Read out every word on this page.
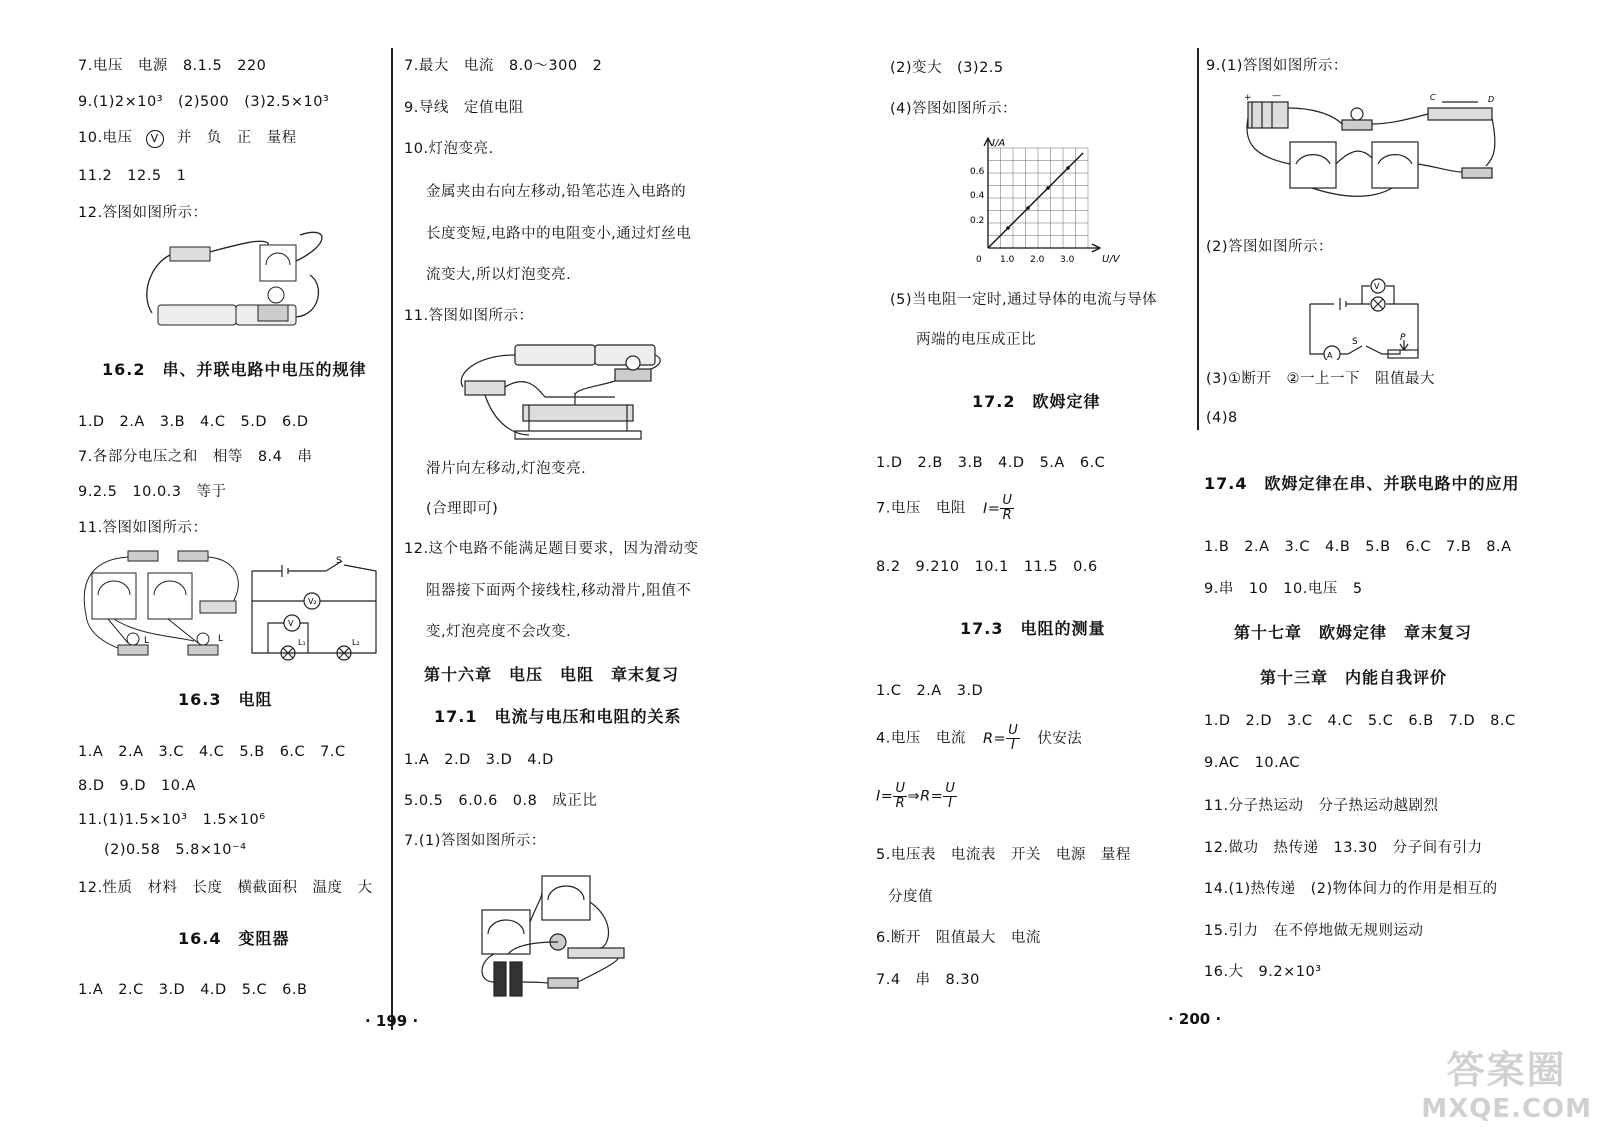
7.电压　电源　8.1.5　220
9.(1)2×10³　(2)500　(3)2.5×10³
10.电压 V 并　负　正　量程
11.2　12.5　1
12.答图如图所示：
16.2　串、并联电路中电压的规律
1.D　2.A　3.B　4.C　5.D　6.D
7.各部分电压之和　相等　8.4　串
9.2.5　10.0.3　等于
11.答图如图所示：
L	L
V₂
V
S
L₁	L₂
16.3　电阻
1.A　2.A　3.C　4.C　5.B　6.C　7.C
8.D　9.D　10.A
11.(1)1.5×10³　1.5×10⁶
(2)0.58　5.8×10⁻⁴
12.性质　材料　长度　横截面积　温度　大
16.4　变阻器
1.A　2.C　3.D　4.D　5.C　6.B
7.最大　电流　8.0～300　2
9.导线　定值电阻
10.灯泡变亮.
金属夹由右向左移动,铅笔芯连入电路的
长度变短,电路中的电阻变小,通过灯丝电
流变大,所以灯泡变亮.
11.答图如图所示：
滑片向左移动,灯泡变亮.
(合理即可)
12.这个电路不能满足题目要求，因为滑动变
阻器接下面两个接线柱,移动滑片,阻值不
变,灯泡亮度不会改变.
第十六章　电压　电阻　章末复习
17.1　电流与电压和电阻的关系
1.A　2.D　3.D　4.D
5.0.5　6.0.6　0.8　成正比
7.(1)答图如图所示：
· 199 ·
(2)变大　(3)2.5
(4)答图如图所示：
I/A
U/V
0
0.6
0.4
0.2
1.0 2.0 3.0
(5)当电阻一定时,通过导体的电流与导体
两端的电压成正比
17.2　欧姆定律
1.D　2.B　3.B　4.D　5.A　6.C
7.电压　电阻 $I= \frac{U}{R}$
8.2　9.210　10.1　11.5　0.6
17.3　电阻的测量
1.C　2.A　3.D
4.电压　电流 $R= \frac{U}{I}$ 伏安法
$I= \frac{U}{R}$ ⇒R= $\frac{U}{I}$
5.电压表　电流表　开关　电源　量程
分度值
6.断开　阻值最大　电流
7.4　串　8.30
9.(1)答图如图所示：
+ —	C	D
(2)答图如图所示：
A
V
S	P
(3)①断开　②一上一下　阻值最大
(4)8
17.4　欧姆定律在串、并联电路中的应用
1.B　2.A　3.C　4.B　5.B　6.C　7.B　8.A
9.串　10　10.电压　5
第十七章　欧姆定律　章末复习
第十三章　内能自我评价
1.D　2.D　3.C　4.C　5.C　6.B　7.D　8.C
9.AC　10.AC
11.分子热运动　分子热运动越剧烈
12.做功　热传递　13.30　分子间有引力
14.(1)热传递　(2)物体间力的作用是相互的
15.引力　在不停地做无规则运动
16.大　9.2×10³
· 200 ·
答案圈
MXQE.COM
